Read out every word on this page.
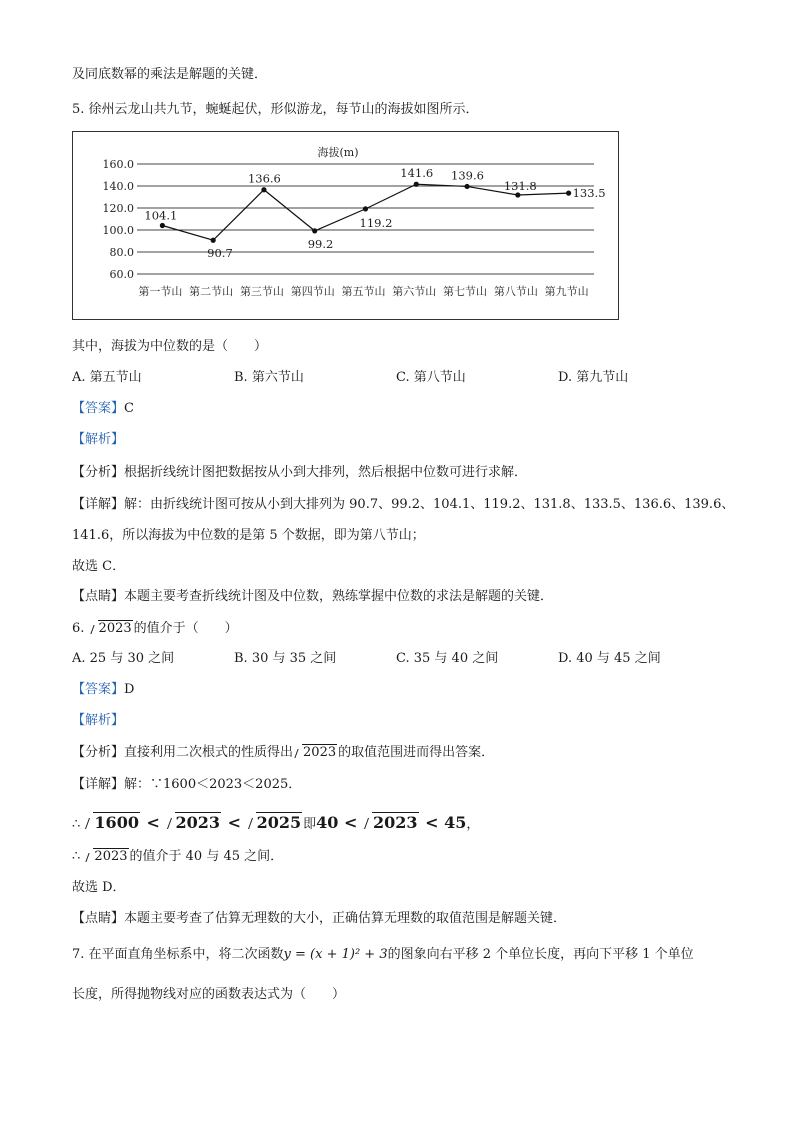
及同底数幂的乘法是解题的关键．
5. 徐州云龙山共九节，蜿蜒起伏，形似游龙，每节山的海拔如图所示．
海拔(m)
160.0
140.0
120.0
100.0
80.0
60.0
第一节山 第二节山 第三节山 第四节山 第五节山 第六节山 第七节山 第八节山 第九节山
104.1
90.7
136.6
99.2
119.2
141.6 139.6
131.8
133.5
其中，海拔为中位数的是（　　）
A. 第五节山	B. 第六节山	C. 第八节山	D. 第九节山
【答案】C
【解析】
【分析】根据折线统计图把数据按从小到大排列，然后根据中位数可进行求解．
【详解】解：由折线统计图可按从小到大排列为 90.7、99.2、104.1、119.2、131.8、133.5、136.6、139.6、
141.6，所以海拔为中位数的是第 5 个数据，即为第八节山；
故选 C．
【点睛】本题主要考查折线统计图及中位数，熟练掌握中位数的求法是解题的关键．
6. 2023 的值介于（　　）
A. 25 与 30 之间	B. 30 与 35 之间	C. 35 与 40 之间	D. 40 与 45 之间
【答案】D
【解析】
【分析】直接利用二次根式的性质得出 2023 的取值范围进而得出答案．
【详解】解：∵1600＜2023＜2025．
∴ 1600 < 2023 < 2025 即40 < 2023 < 45，
∴ 2023 的值介于 40 与 45 之间．
故选 D．
【点睛】本题主要考查了估算无理数的大小，正确估算无理数的取值范围是解题关键．
7. 在平面直角坐标系中，将二次函数y = (x + 1)² + 3的图象向右平移 2 个单位长度，再向下平移 1 个单位
长度，所得抛物线对应的函数表达式为（　　）
